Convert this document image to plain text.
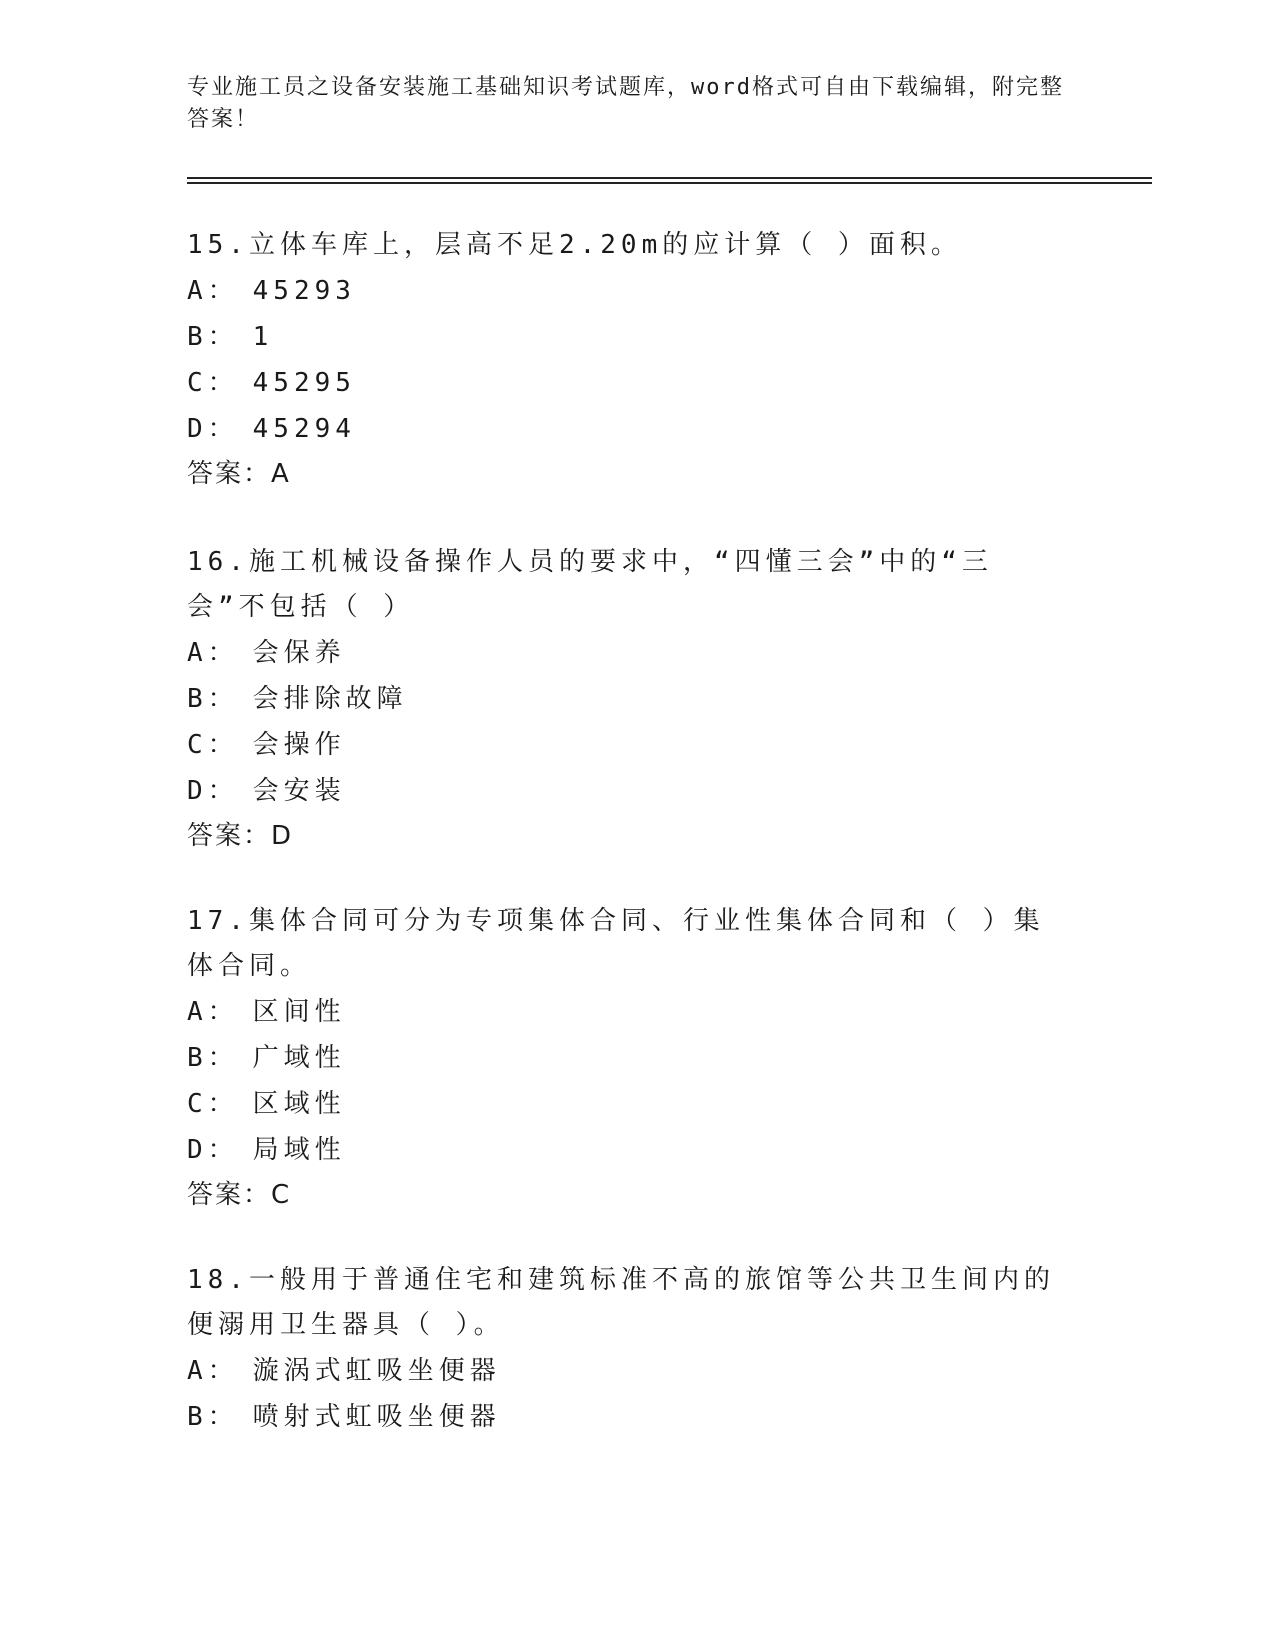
专业施工员之设备安装施工基础知识考试题库，word格式可自由下载编辑，附完整答案！
15.立体车库上，层高不足2.20m的应计算（ ）面积。
A： 45293
B： 1
C： 45295
D： 45294
答案：A
16.施工机械设备操作人员的要求中，“四懂三会”中的“三会”不包括（ ）
A： 会保养
B： 会排除故障
C： 会操作
D： 会安装
答案：D
17.集体合同可分为专项集体合同、行业性集体合同和（ ）集体合同。
A： 区间性
B： 广域性
C： 区域性
D： 局域性
答案：C
18.一般用于普通住宅和建筑标准不高的旅馆等公共卫生间内的便溺用卫生器具（ ）。
A： 漩涡式虹吸坐便器
B： 喷射式虹吸坐便器
